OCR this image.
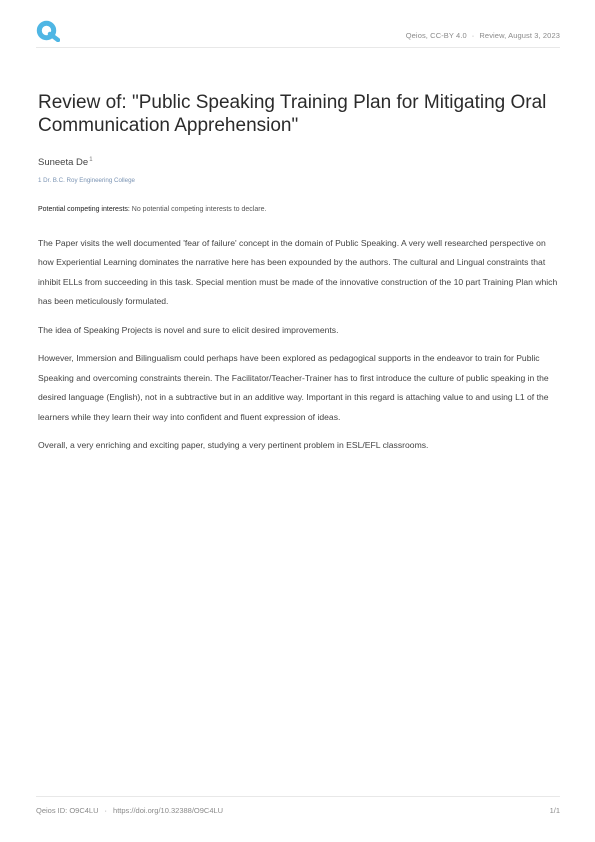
Qeios, CC-BY 4.0 · Review, August 3, 2023
Review of: "Public Speaking Training Plan for Mitigating Oral Communication Apprehension"
Suneeta De$^1$
1 Dr. B.C. Roy Engineering College
Potential competing interests: No potential competing interests to declare.

The Paper visits the well documented 'fear of failure' concept in the domain of Public Speaking. A very well researched perspective on how Experiential Learning dominates the narrative here has been expounded by the authors. The cultural and Lingual constraints that inhibit ELLs from succeeding in this task. Special mention must be made of the innovative construction of the 10 part Training Plan which has been meticulously formulated.

The idea of Speaking Projects is novel and sure to elicit desired improvements.

However, Immersion and Bilingualism could perhaps have been explored as pedagogical supports in the endeavor to train for Public Speaking and overcoming constraints therein. The Facilitator/Teacher-Trainer has to first introduce the culture of public speaking in the desired language (English), not in a subtractive but in an additive way. Important in this regard is attaching value to and using L1 of the learners while they learn their way into confident and fluent expression of ideas.

Overall, a very enriching and exciting paper, studying a very pertinent problem in ESL/EFL classrooms.

Qeios ID: O9C4LU · https://doi.org/10.32388/O9C4LU	1/1
